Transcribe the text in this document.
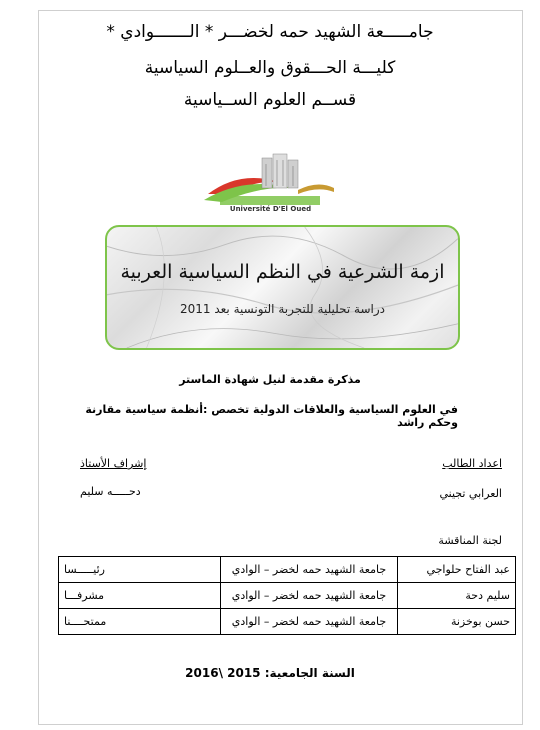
جامـــــعة الشهيد حمه لخضـــر * الـــــــوادي *
كليـــة الحـــقوق والعــلوم السياسية
قســم العلوم الســياسية
Université D'El Oued
ازمة الشرعية في النظم السياسية العربية
دراسة تحليلية للتجربة التونسية بعد 2011
مذكرة مقدمة لنيل شهادة الماستر
في العلوم السياسية والعلاقات الدولية تخصص :أنظمة سياسية مقارنة وحكم راشد
اعداد الطالب
العرابي تجيني
إشراف الأستاذ
دحـــــه سليم
لجنة المناقشة
عبد الفتاح حلواجي	جامعة الشهيد حمه لخضر – الوادي	رئيـــــسا
سليم دحة	جامعة الشهيد حمه لخضر – الوادي	مشرفـــا
حسن بوخزنة	جامعة الشهيد حمه لخضر – الوادي	ممتحــــنا
السنة الجامعية: 2015 \2016
